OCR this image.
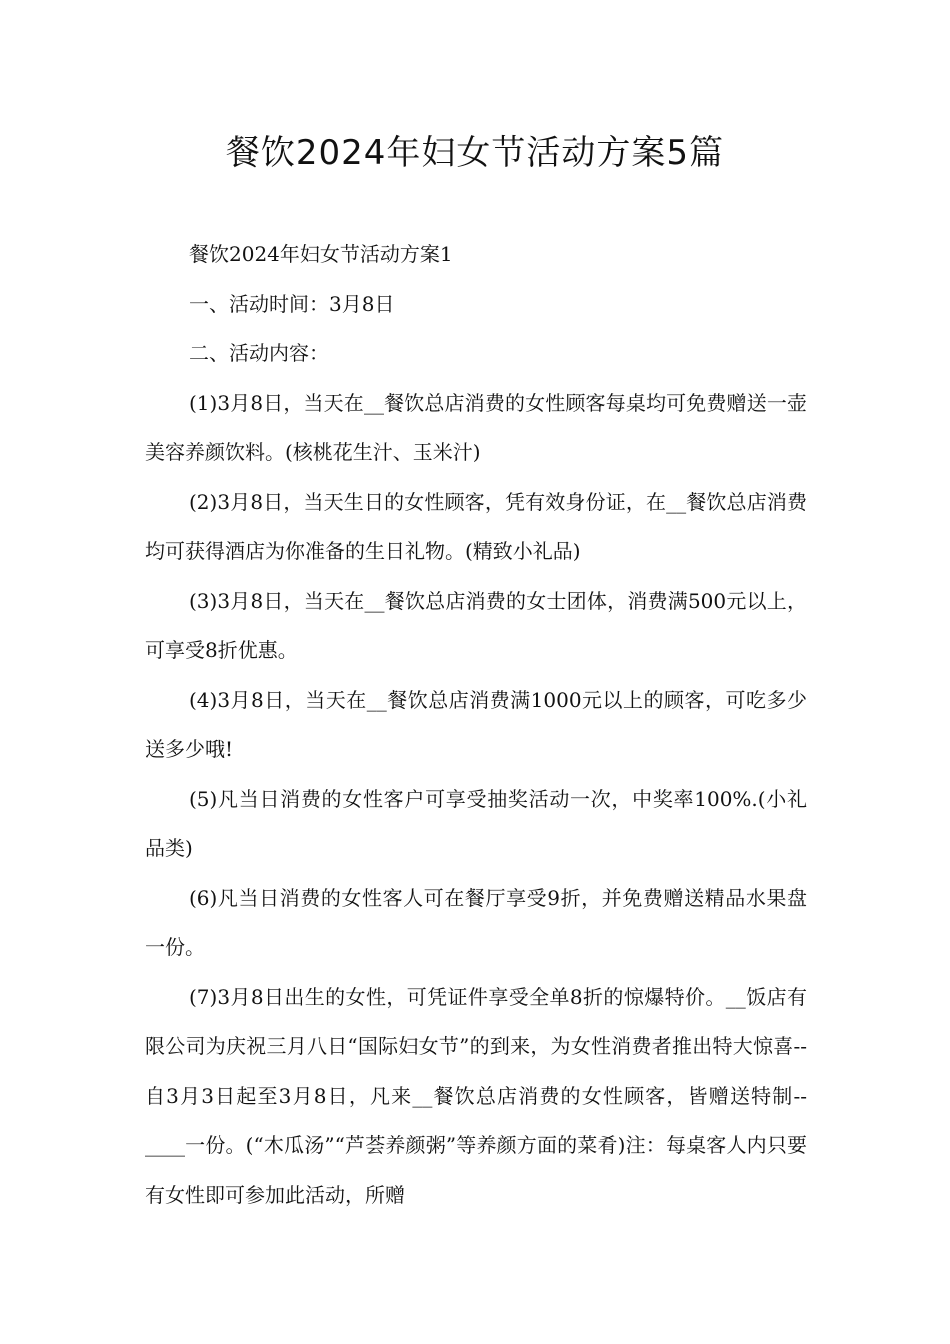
餐饮2024年妇女节活动方案5篇

餐饮2024年妇女节活动方案1

一、活动时间：3月8日

二、活动内容：

(1)3月8日，当天在__餐饮总店消费的女性顾客每桌均可免费赠送一壶美容养颜饮料。(核桃花生汁、玉米汁)

(2)3月8日，当天生日的女性顾客，凭有效身份证，在__餐饮总店消费均可获得酒店为你准备的生日礼物。(精致小礼品)

(3)3月8日，当天在__餐饮总店消费的女士团体，消费满500元以上，可享受8折优惠。

(4)3月8日，当天在__餐饮总店消费满1000元以上的顾客，可吃多少送多少哦!

(5)凡当日消费的女性客户可享受抽奖活动一次，中奖率100%.(小礼品类)

(6)凡当日消费的女性客人可在餐厅享受9折，并免费赠送精品水果盘一份。

(7)3月8日出生的女性，可凭证件享受全单8折的惊爆特价。__饭店有限公司为庆祝三月八日“国际妇女节”的到来，为女性消费者推出特大惊喜--自3月3日起至3月8日，凡来__餐饮总店消费的女性顾客，皆赠送特制--____一份。(“木瓜汤”“芦荟养颜粥”等养颜方面的菜肴)注：每桌客人内只要有女性即可参加此活动，所赠
